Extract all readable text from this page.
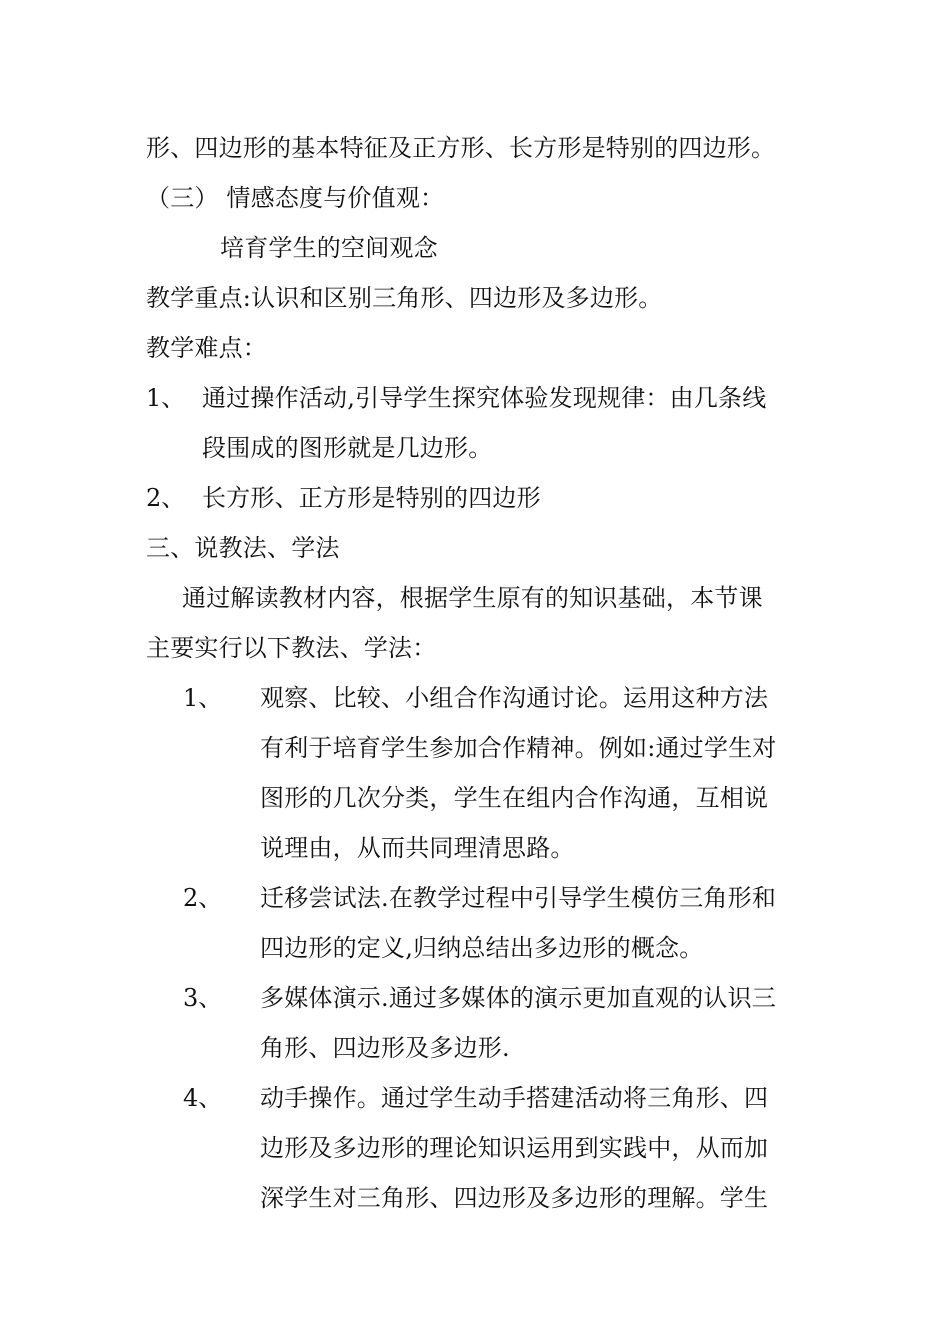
形、四边形的基本特征及正方形、长方形是特别的四边形。
（三） 情感态度与价值观：
培育学生的空间观念
教学重点:认识和区别三角形、四边形及多边形。
教学难点：
1、 通过操作活动,引导学生探究体验发现规律：由几条线
段围成的图形就是几边形。
2、 长方形、正方形是特别的四边形
三、说教法、学法
通过解读教材内容，根据学生原有的知识基础，本节课
主要实行以下教法、学法：
1、 观察、比较、小组合作沟通讨论。运用这种方法
有利于培育学生参加合作精神。例如:通过学生对
图形的几次分类，学生在组内合作沟通，互相说
说理由，从而共同理清思路。
2、 迁移尝试法.在教学过程中引导学生模仿三角形和
四边形的定义,归纳总结出多边形的概念。
3、 多媒体演示.通过多媒体的演示更加直观的认识三
角形、四边形及多边形.
4、 动手操作。通过学生动手搭建活动将三角形、四
边形及多边形的理论知识运用到实践中，从而加
深学生对三角形、四边形及多边形的理解。学生
